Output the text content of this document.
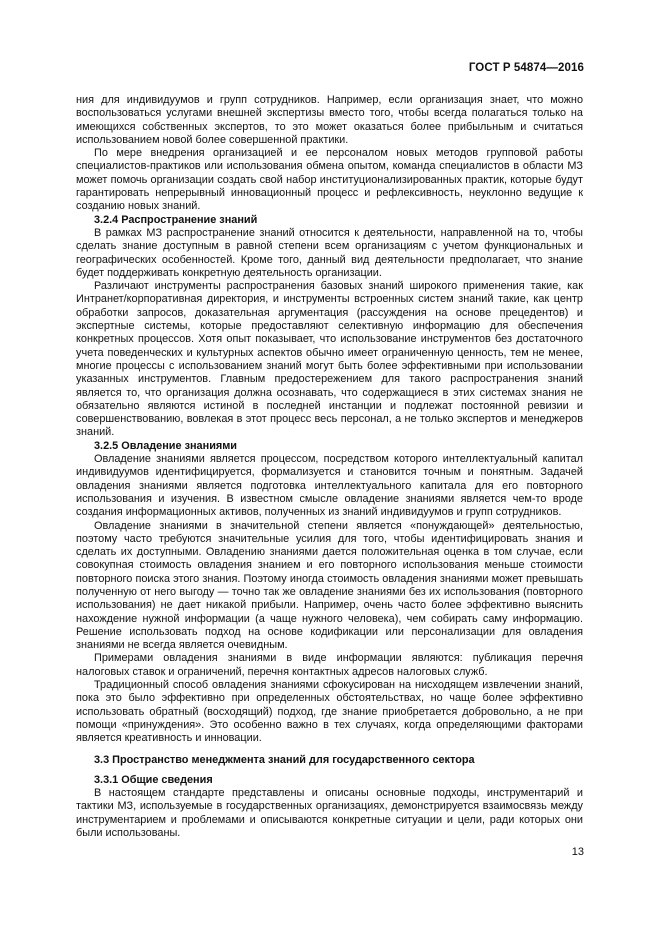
ГОСТ Р 54874—2016

ния для индивидуумов и групп сотрудников. Например, если организация знает, что можно воспользоваться услугами внешней экспертизы вместо того, чтобы всегда полагаться только на имеющихся собственных экспертов, то это может оказаться более прибыльным и считаться использованием новой более совершенной практики.

По мере внедрения организацией и ее персоналом новых методов групповой работы специалистов-практиков или использования обмена опытом, команда специалистов в области МЗ может помочь организации создать свой набор институционализированных практик, которые будут гарантировать непрерывный инновационный процесс и рефлексивность, неуклонно ведущие к созданию новых знаний.

3.2.4 Распространение знаний

В рамках МЗ распространение знаний относится к деятельности, направленной на то, чтобы сделать знание доступным в равной степени всем организациям с учетом функциональных и географических особенностей. Кроме того, данный вид деятельности предполагает, что знание будет поддерживать конкретную деятельность организации.

Различают инструменты распространения базовых знаний широкого применения такие, как Интранет/корпоративная директория, и инструменты встроенных систем знаний такие, как центр обработки запросов, доказательная аргументация (рассуждения на основе прецедентов) и экспертные системы, которые предоставляют селективную информацию для обеспечения конкретных процессов. Хотя опыт показывает, что использование инструментов без достаточного учета поведенческих и культурных аспектов обычно имеет ограниченную ценность, тем не менее, многие процессы с использованием знаний могут быть более эффективными при использовании указанных инструментов. Главным предостережением для такого распространения знаний является то, что организация должна осознавать, что содержащиеся в этих системах знания не обязательно являются истиной в последней инстанции и подлежат постоянной ревизии и совершенствованию, вовлекая в этот процесс весь персонал, а не только экспертов и менеджеров знаний.

3.2.5 Овладение знаниями

Овладение знаниями является процессом, посредством которого интеллектуальный капитал индивидуумов идентифицируется, формализуется и становится точным и понятным. Задачей овладения знаниями является подготовка интеллектуального капитала для его повторного использования и изучения. В известном смысле овладение знаниями является чем-то вроде создания информационных активов, полученных из знаний индивидуумов и групп сотрудников.

Овладение знаниями в значительной степени является «понуждающей» деятельностью, поэтому часто требуются значительные усилия для того, чтобы идентифицировать знания и сделать их доступными. Овладению знаниями дается положительная оценка в том случае, если совокупная стоимость овладения знанием и его повторного использования меньше стоимости повторного поиска этого знания. Поэтому иногда стоимость овладения знаниями может превышать полученную от него выгоду — точно так же овладение знаниями без их использования (повторного использования) не дает никакой прибыли. Например, очень часто более эффективно выяснить нахождение нужной информации (а чаще нужного человека), чем собирать саму информацию. Решение использовать подход на основе кодификации или персонализации для овладения знаниями не всегда является очевидным.

Примерами овладения знаниями в виде информации являются: публикация перечня налоговых ставок и ограничений, перечня контактных адресов налоговых служб.

Традиционный способ овладения знаниями сфокусирован на нисходящем извлечении знаний, пока это было эффективно при определенных обстоятельствах, но чаще более эффективно использовать обратный (восходящий) подход, где знание приобретается добровольно, а не при помощи «принуждения». Это особенно важно в тех случаях, когда определяющими факторами является креативность и инновации.

3.3 Пространство менеджмента знаний для государственного сектора
3.3.1 Общие сведения

В настоящем стандарте представлены и описаны основные подходы, инструментарий и тактики МЗ, используемые в государственных организациях, демонстрируется взаимосвязь между инструментарием и проблемами и описываются конкретные ситуации и цели, ради которых они были использованы.

13
